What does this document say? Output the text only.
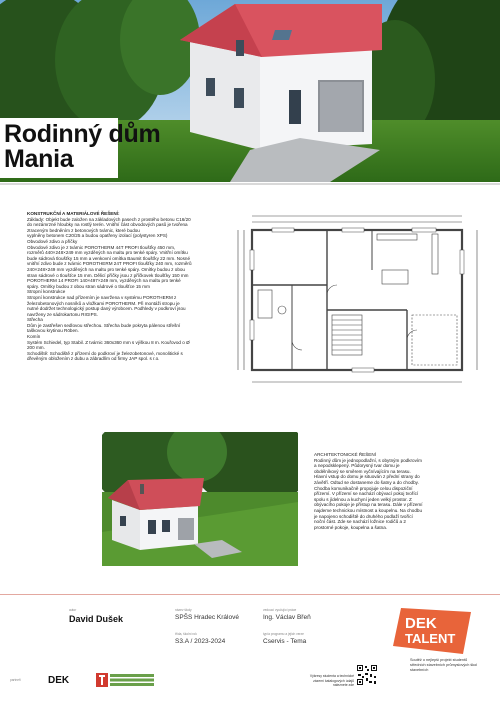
Rodinný dům
Mania

KONSTRUKČNÍ A MATERIÁLOVÉ ŘEŠENÍ:

Základy: Objekt bude založen na základových pasech z prostého betonu C16/20

do nezámrzné hloubky na rostlý terén. Vnitřní část obvodových pasů je tvořena

ztraceným bedněním z betonových tvárnic, které budou

vyplněny betonem C20/25 a budou opatřeny izolací (polystyren XPS)

Obvodové zdivo a příčky

Obvodové zdivo je z tvárnic POROTHERM 44T PROFI tloušťky 450 mm,

rozměrů 440×248×249 mm vyzděných na maltu pro tenké spáry. Vnitřní omítku

bude sádrová tloušťky 15 mm a venkovní omítka Baumit tloušťky 22 mm. Nosné

vnitřní zdivo bude z tvárnic POROTHERM 24T PROFI tloušťky 240 mm, rozměrů

240×248×249 mm vyzděných na maltu pro tenké spáry. Omítky budou z obou

stran sádrové o tloušťce 15 mm. Dělicí příčky jsou z příčkovek tloušťky 150 mm

POROTHERM 14 PROFI 140×497×249 mm, vyzděných na maltu pro tenké

spáry. Omítky budou z obou stran sádrové o tloušťce 15 mm

Stropní konstrukce

Stropní konstrukce nad přízemím je navržena v systému POROTHERM z

železobetonových nosníků a vložkami POROTHERM. Při montáži stropu je

nutné dodržet technologický postup daný výrobcem. Podhledy v podkroví jsou

navrženy ze sádrokartonu RIGIPS.

Střecha

Dům je zastřešen sedlovou střechou. Střecha bude pokryta pálenou střešní

taškovou krytinou Röben.

Komín

Systém Schiedel, typ Stabil. Z tvárnic 360x360 mm s výškou 8 m. Kouřovod o Ø

200 mm.

Schodiště: Schodiště z přízemí do podkroví je železobetonové, monolitické s

dřevěným obložením z dubu a zábradlím od firmy JAP spol. s r.o.

ARCHITEKTONICKÉ ŘEŠENÍ

Rodinný dům je jednopodlažní, s obytným podkrovím

a nepodsklepený. Půdorysný tvar domu je

obdélníkový se směrem vyčnívajícím na terasu.

Hlavní vstup do domu je situován z přední strany do

závětří. Odtud se dostaneme do šatny a do chodby.

Chodba komunikačně propojuje celou dispoziční

přízemí. V přízemí se nachází obývací pokoj tvořící

spolu s jídelnou a kuchyní jeden velký prostor. Z

obývacího pokoje je přístup na terasu. Dále v přízemí

najdeme technickou místnost a koupelnu. Na chodbu

je napojeno schodiště do druhého podlaží tvořící

noční část. Zde se nachází ložnice rodičů a 2

prostorné pokoje, koupelna a šatna.

autor
David Dušek
název školy
SPŠS Hradec Králové
třída, školní rok
S3.A / 2023-2024
vedoucí vyučující práce
Ing. Václav Břeň
typ/a programu a jejich verze
Cservis - Tema
DEK
TALENT
Soutěž o nejlepší projekt studentů středních stavebních průmyslových škol stavebních
Výkresy studenta a technické zázemí katalogových údajů naleznete zde
partneři	DEK
